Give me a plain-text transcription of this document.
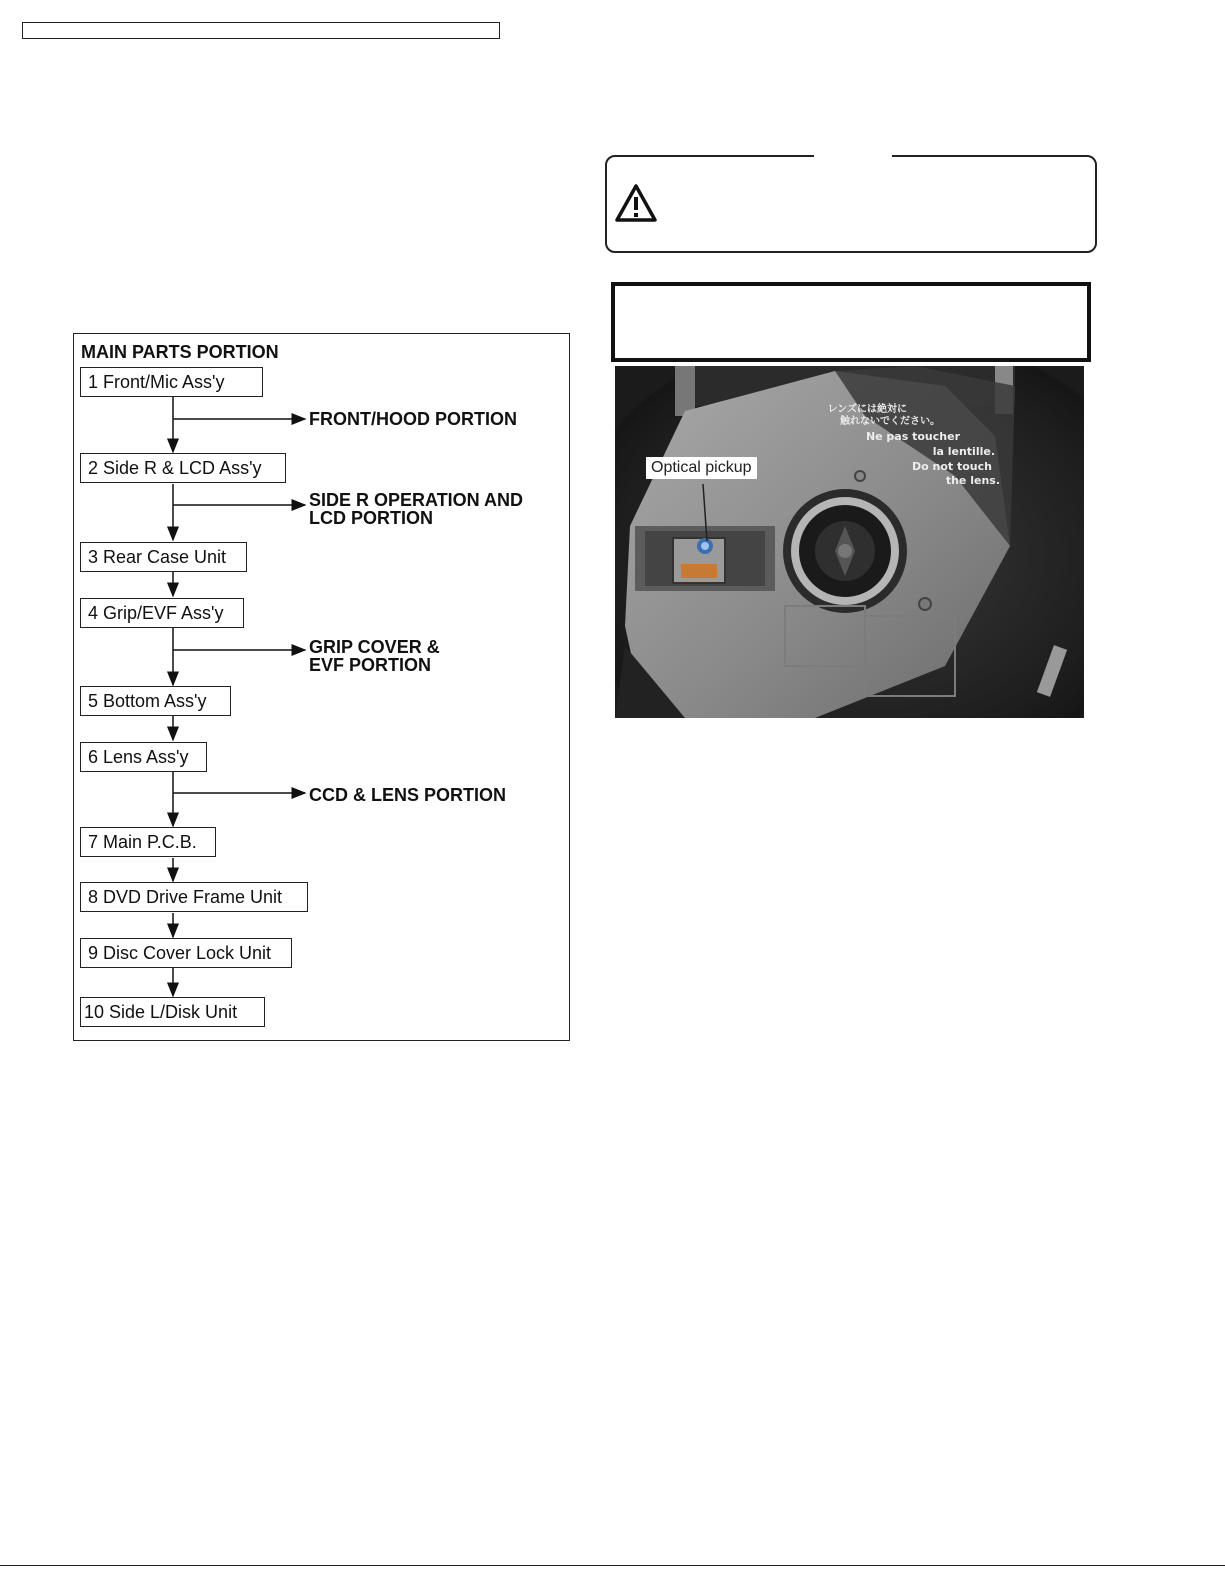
MAIN PARTS PORTION
1 Front/Mic Ass'y
2 Side R & LCD Ass'y
3 Rear Case Unit
4 Grip/EVF Ass'y
5 Bottom Ass'y
6 Lens Ass'y
7 Main P.C.B.
8 DVD Drive Frame Unit
9 Disc Cover Lock Unit
10 Side L/Disk Unit
FRONT/HOOD PORTION
SIDE R OPERATION AND
LCD PORTION
GRIP COVER &
EVF PORTION
CCD & LENS PORTION
レンズには絶対に
触れないでください。
Ne pas toucher
la lentille.
Do not touch
the lens.
Optical pickup
